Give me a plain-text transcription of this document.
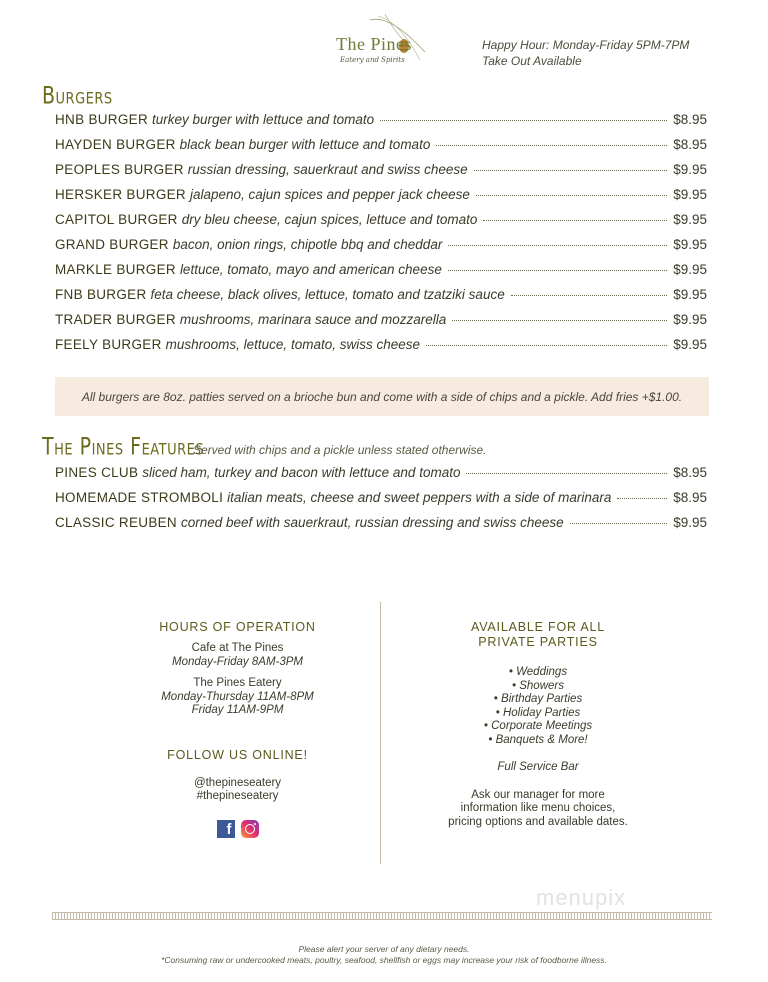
The Pines
Eatery and Spirits
Happy Hour: Monday-Friday 5PM-7PM
Take Out Available
Burgers
HNB BURGER turkey burger with lettuce and tomato	$8.95
HAYDEN BURGER black bean burger with lettuce and tomato	$8.95
PEOPLES BURGER russian dressing, sauerkraut and swiss cheese	$9.95
HERSKER BURGER jalapeno, cajun spices and pepper jack cheese	$9.95
CAPITOL BURGER dry bleu cheese, cajun spices, lettuce and tomato	$9.95
GRAND BURGER bacon, onion rings, chipotle bbq and cheddar	$9.95
MARKLE BURGER lettuce, tomato, mayo and american cheese	$9.95
FNB BURGER feta cheese, black olives, lettuce, tomato and tzatziki sauce	$9.95
TRADER BURGER mushrooms, marinara sauce and mozzarella	$9.95
FEELY BURGER mushrooms, lettuce, tomato, swiss cheese	$9.95
All burgers are 8oz. patties served on a brioche bun and come with a side of chips and a pickle. Add fries +$1.00.
The Pines Features
Served with chips and a pickle unless stated otherwise.
PINES CLUB sliced ham, turkey and bacon with lettuce and tomato	$8.95
HOMEMADE STROMBOLI italian meats, cheese and sweet peppers with a side of marinara	$8.95
CLASSIC REUBEN corned beef with sauerkraut, russian dressing and swiss cheese	$9.95
HOURS OF OPERATION
Cafe at The Pines
Monday-Friday 8AM-3PM
The Pines Eatery
Monday-Thursday 11AM-8PM
Friday 11AM-9PM
FOLLOW US ONLINE!
@thepineseatery
#thepineseatery
f
AVAILABLE FOR ALL
PRIVATE PARTIES
• Weddings
• Showers
• Birthday Parties
• Holiday Parties
• Corporate Meetings
• Banquets & More!
Full Service Bar
Ask our manager for more
information like menu choices,
pricing options and available dates.
menupix
Please alert your server of any dietary needs.
*Consuming raw or undercooked meats, poultry, seafood, shellfish or eggs may increase your risk of foodborne illness.
